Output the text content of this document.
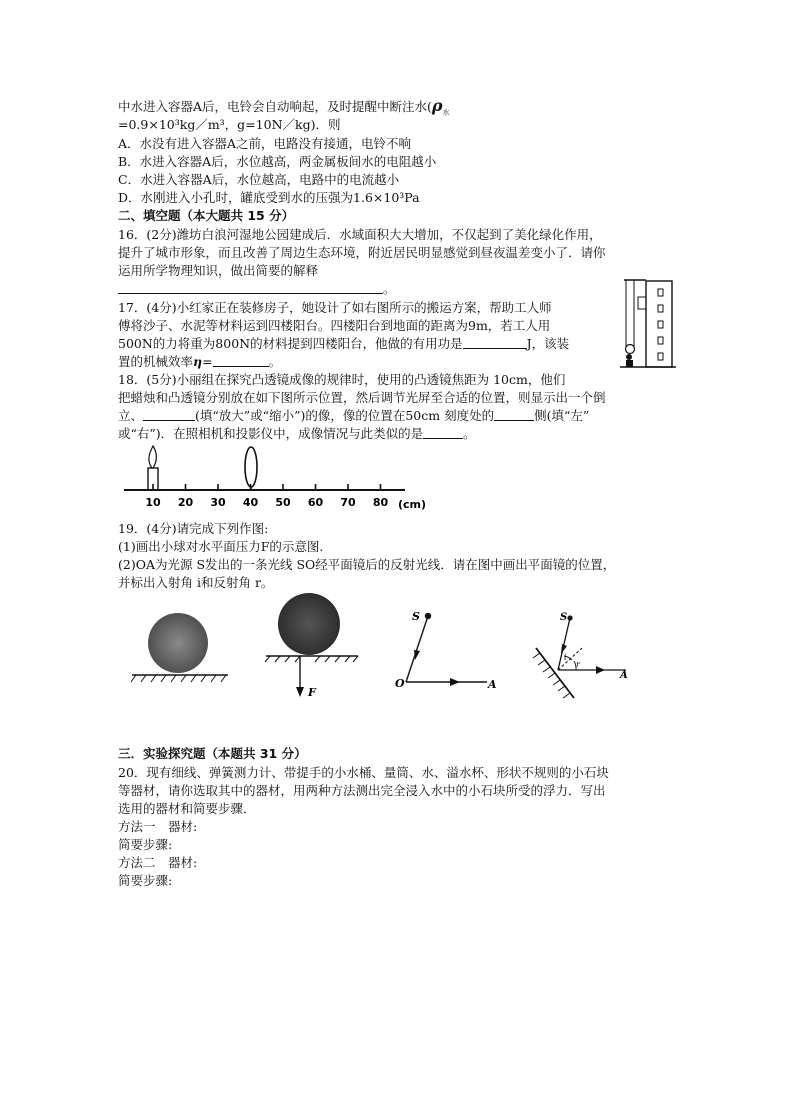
中水进入容器A后，电铃会自动响起，及时提醒中断注水($\rho_水$
=0.9×10³kg／m³，g=10N／kg)．则
A．水没有进入容器A之前，电路没有接通，电铃不响
B．水进入容器A后，水位越高，两金属板间水的电阻越小
C．水进入容器A后，水位越高，电路中的电流越小
D．水刚进入小孔时，罐底受到水的压强为1.6×10³Pa
二、填空题（本大题共 15 分）
16．(2分)潍坊白浪河湿地公园建成后．水域面积大大增加，不仅起到了美化绿化作用，
提升了城市形象，而且改善了周边生态环境，附近居民明显感觉到昼夜温差变小了．请你
运用所学物理知识，做出简要的解释
。
17．(4分)小红家正在装修房子，她设计了如右图所示的搬运方案，帮助工人师
傅将沙子、水泥等材料运到四楼阳台。四楼阳台到地面的距离为9m，若工人用
500N的力将重为800N的材料提到四楼阳台，他做的有用功是	J，该装
置的机械效率η=	。
18．(5分)小丽组在探究凸透镜成像的规律时，使用的凸透镜焦距为 10cm，他们
把蜡烛和凸透镜分别放在如下图所示位置，然后调节光屏至合适的位置，则显示出一个倒
立、	(填“放大”或“缩小”)的像，像的位置在50cm 刻度处的	侧(填“左”
或“右”)．在照相机和投影仪中，成像情况与此类似的是	。
10 20 30 40 50 60 70 80 (cm)
19．(4分)请完成下列作图:
(1)画出小球对水平面压力F的示意图.
(2)OA为光源 S发出的一条光线 SO经平面镜后的反射光线．请在图中画出平面镜的位置，
并标出入射角 i和反射角 r。
F
S
O	A
S
A
i
r
三．实验探究题（本题共 31 分）
20．现有细线、弹簧测力计、带提手的小水桶、量筒、水、溢水杯、形状不规则的小石块
等器材，请你选取其中的器材，用两种方法测出完全浸入水中的小石块所受的浮力．写出
选用的器材和简要步骤．
方法一　器材:
简要步骤:
方法二　器材:
简要步骤:
